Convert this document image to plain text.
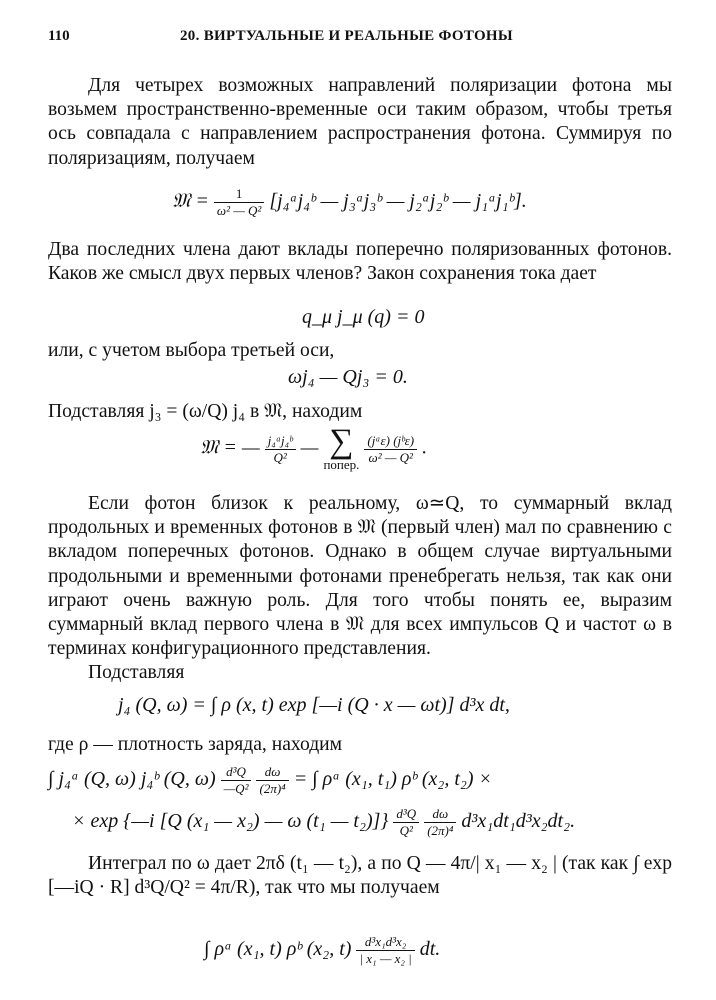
110	20. ВИРТУАЛЬНЫЕ И РЕАЛЬНЫЕ ФОТОНЫ

Для четырех возможных направлений поляризации фотона мы возьмем пространственно-временные оси таким образом, чтобы третья ось совпадала с направлением распространения фотона. Суммируя по поляризациям, получаем

𝔐 = $\frac{1}{\text{ω² — Q²}}$ [j₄ᵃj₄ᵇ — j₃ᵃj₃ᵇ — j₂ᵃj₂ᵇ — j₁ᵃj₁ᵇ].

Два последних члена дают вклады поперечно поляризованных фотонов. Каков же смысл двух первых членов? Закон сохранения тока дает

q_μ j_μ (q) = 0
или, с учетом выбора третьей оси,
ωj₄ — Qj₃ = 0.
Подставляя j₃ = (ω/Q) j₄ в 𝔐, находим
𝔐 = — $\frac{\text{j₄ᵃj₄ᵇ}}{\text{Q²}}$ — ∑
попер.
$\frac{\text{(jᵃε) (jᵇε)}}{\text{ω² — Q²}}$ .

Если фотон близок к реальному, ω≃Q, то суммарный вклад продольных и временных фотонов в 𝔐 (первый член) мал по сравнению с вкладом поперечных фотонов. Однако в общем случае виртуальными продольными и временными фотонами пренебрегать нельзя, так как они играют очень важную роль. Для того чтобы понять ее, выразим суммарный вклад первого члена в 𝔐 для всех импульсов Q и частот ω в терминах конфигурационного представления.

Подставляя
j₄ (Q, ω) = ∫ ρ (x, t) exp [—i (Q · x — ωt)] d³x dt,
где ρ — плотность заряда, находим
∫ j₄ᵃ (Q, ω) j₄ᵇ (Q, $\omega) \frac{\text{d³Q}}{\text{—Q²}}$
$\frac{d\omega}{\text{(2π)⁴}}$ = ∫ ρᵃ (x₁, t₁) ρᵇ (x₂, t₂) ×
× exp {—i [Q (x₁ — x₂) — ω (t₁ — $t_2)]\} \frac{\text{d³Q}}{\text{Q²}}$
$\frac{d\omega}{\text{(2π)⁴}} d^3x_1dt_1d^3x_2dt_2$.

Интеграл по ω дает 2πδ (t₁ — t₂), а по Q — 4π/| x₁ — x₂ | (так как ∫ exp [—iQ · R] d³Q/Q² = 4π/R), так что мы получаем

∫ ρᵃ (x₁, t) ρᵇ (x₂, $t) \frac{\text{d³x₁d³x₂}}{\text{| x₁ — x₂ |}}$ dt.
